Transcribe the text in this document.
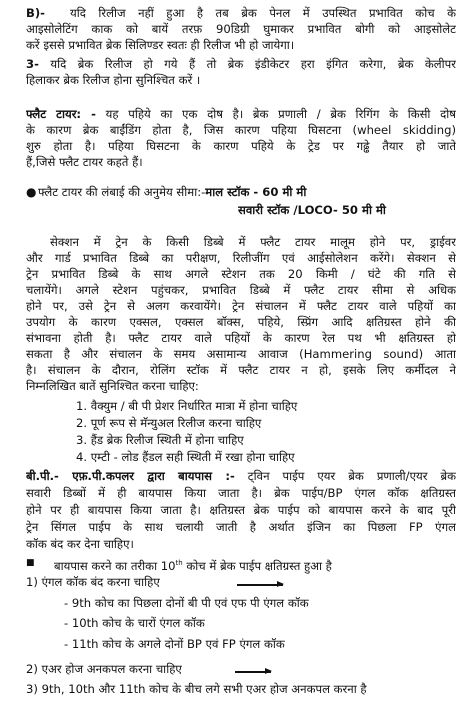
B)- यदि रिलीज नहीं हुआ है तब ब्रेक पेनल में उपस्थित प्रभावित कोच के
आइसोलेटिंग काक को बायें तरफ़ 90डिग्री घुमाकर प्रभावित बोगी को आइसोलेट
करें इससे प्रभावित ब्रेक सिलिण्डर स्वतः ही रिलीज भी हो जायेगा।
3- यदि ब्रेक रिलीज हो गये हैं तो ब्रेक इंडीकेटर हरा इंगित करेगा, ब्रेक केलीपर
हिलाकर ब्रेक रिलीज होना सुनिश्चित करें ।
फ्लैट टायर: - यह पहिये का एक दोष है। ब्रेक प्रणाली / ब्रेक रिगिंग के किसी दोष
के कारण ब्रेक बाईंडिंग होता है, जिस कारण पहिया घिसटना (wheel skidding)
शुरु होता है। पहिया घिसटना के कारण पहिये के ट्रेड पर गढ्ढे तैयार हो जाते
हैं,जिसे फ्लैट टायर कहते हैं।
● फ्लैट टायर की लंबाई की अनुमेय सीमा:-माल स्टॉक - 60 मी मी
सवारी स्टॉक /LOCO- 50 मी मी
सेक्शन में ट्रेन के किसी डिब्बे में फ्लैट टायर मालूम होने पर, ड्राईवर
और गार्ड प्रभावित डिब्बे का परीक्षण, रिलीजींग एवं आईसोलेशन करेंगे। सेक्शन से
ट्रेन प्रभावित डिब्बे के साथ अगले स्टेशन तक 20 किमी / घंटे की गति से
चलायेंगे। अगले स्टेशन पहुंचकर, प्रभावित डिब्बे में फ्लैट टायर सीमा से अधिक
होने पर, उसे ट्रेन से अलग करवायेंगे। ट्रेन संचालन में फ्लैट टायर वाले पहियों का
उपयोग के कारण एक्सल, एक्सल बॉक्स, पहिये, स्प्रिंग आदि क्षतिग्रस्त होने की
संभावना होती है। फ्लैट टायर वाले पहियों के कारण रेल पथ भी क्षतिग्रस्त हो
सकता है और संचालन के समय असामान्य आवाज (Hammering sound) आता
है। संचालन के दौरान, रोलिंग स्टॉक में फ्लैट टायर न हो, इसके लिए कर्मीदल ने
निम्नलिखित बातें सुनिश्चित करना चाहिए:
1. वैक्युम / बी पी प्रेशर निर्धारित मात्रा में होना चाहिए
2. पूर्ण रूप से मॅन्युअल रिलीज करना चाहिए
3. हैंड ब्रेक रिलीज स्थिती में होना चाहिए
4. एम्टी - लोड हैंडल सही स्थिती में रखा होना चाहिए
बी.पी.- एफ़.पी.कपलर द्वारा बायपास :- ट्विन पाईप एयर ब्रेक प्रणाली/एयर ब्रेक
सवारी डिब्बों में ही बायपास किया जाता है। ब्रेक पाईप/BP एंगल कॉक क्षतिग्रस्त
होने पर ही बायपास किया जाता है। क्षतिग्रस्त ब्रेक पाईप को बायपास करने के बाद पूरी
ट्रेन सिंगल पाईप के साथ चलायी जाती है अर्थात इंजिन का पिछला FP एंगल
कॉक बंद कर देना चाहिए।
■ बायपास करने का तरीका 10th कोच में ब्रेक पाईप क्षतिग्रस्त हुआ है
1) एंगल कॉक बंद करना चाहिए
- 9th कोच का पिछला दोनों बी पी एवं एफ पी एंगल कॉक
- 10th कोच के चारों एंगल कॉक
- 11th कोच के अगले दोनों BP एवं FP एंगल कॉक
2) एअर होज अनकपल करना चाहिए
3) 9th, 10th और 11th कोच के बीच लगे सभी एअर होज अनकपल करना है
